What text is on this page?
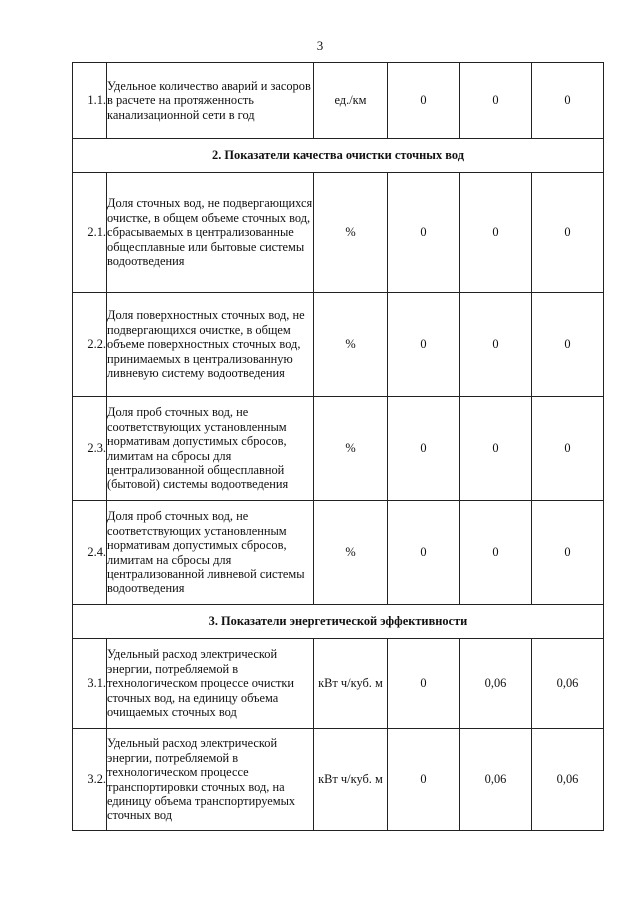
3
1.1.	Удельное количество аварий и засоров в расчете на протяженность канализационной сети в год	ед./км	0	0	0
2. Показатели качества очистки сточных вод					
2.1.	Доля сточных вод, не подвергающихся очистке, в общем объеме сточных вод, сбрасываемых в централизованные общесплавные или бытовые системы водоотведения	%	0	0	0
2.2.	Доля поверхностных сточных вод, не подвергающихся очистке, в общем объеме поверхностных сточных вод, принимаемых в централизованную ливневую систему водоотведения	%	0	0	0
2.3.	Доля проб сточных вод, не соответствующих установленным нормативам допустимых сбросов, лимитам на сбросы для централизованной общесплавной (бытовой) системы водоотведения	%	0	0	0
2.4.	Доля проб сточных вод, не соответствующих установленным нормативам допустимых сбросов, лимитам на сбросы для централизованной ливневой системы водоотведения	%	0	0	0
3. Показатели энергетической эффективности					
3.1.	Удельный расход электрической энергии, потребляемой в технологическом процессе очистки сточных вод, на единицу объема очищаемых сточных вод	кВт ч/куб. м	0	0,06	0,06
3.2.	Удельный расход электрической энергии, потребляемой в технологическом процессе транспортировки сточных вод, на единицу объема транспортируемых сточных вод	кВт ч/куб. м	0	0,06	0,06
